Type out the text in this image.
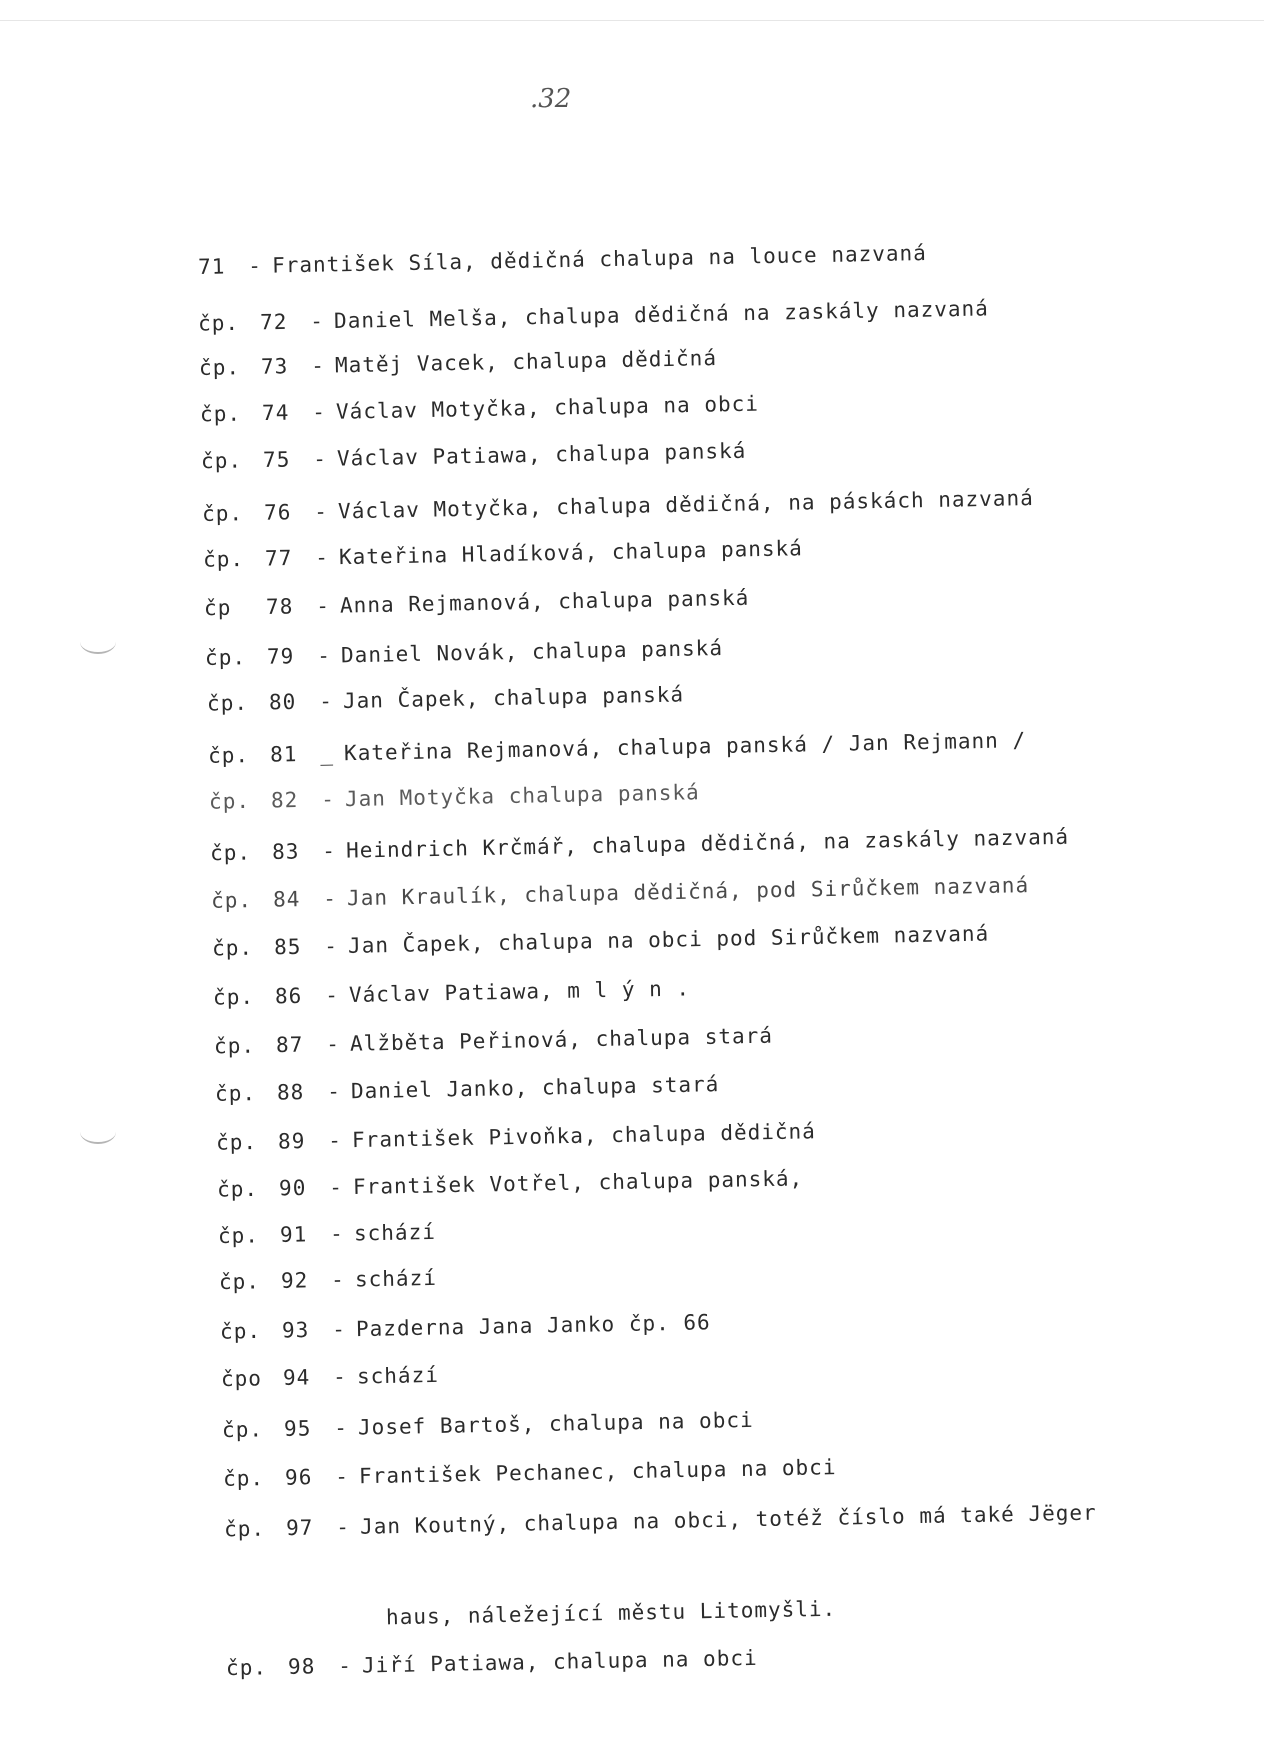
.32
71 - František Síla, dědičná chalupa na louce nazvaná
čp. 72 - Daniel Melša, chalupa dědičná na zaskály nazvaná
čp. 73 - Matěj Vacek, chalupa dědičná
čp. 74 - Václav Motyčka, chalupa na obci
čp. 75 - Václav Patiawa, chalupa panská
čp. 76 - Václav Motyčka, chalupa dědičná, na páskách nazvaná
čp. 77 - Kateřina Hladíková, chalupa panská
čp 78 - Anna Rejmanová, chalupa panská
čp. 79 - Daniel Novák, chalupa panská
čp. 80 - Jan Čapek, chalupa panská
čp. 81 _ Kateřina Rejmanová, chalupa panská / Jan Rejmann /
čp. 82 - Jan Motyčka chalupa panská
čp. 83 - Heindrich Krčmář, chalupa dědičná, na zaskály nazvaná
čp. 84 - Jan Kraulík, chalupa dědičná, pod Sirůčkem nazvaná
čp. 85 - Jan Čapek, chalupa na obci pod Sirůčkem nazvaná
čp. 86 - Václav Patiawa, m l ý n .
čp. 87 - Alžběta Peřinová, chalupa stará
čp. 88 - Daniel Janko, chalupa stará
čp. 89 - František Pivoňka, chalupa dědičná
čp. 90 - František Votřel, chalupa panská,
čp. 91 - schází
čp. 92 - schází
čp. 93 - Pazderna Jana Janko čp. 66
čpo 94 - schází
čp. 95 - Josef Bartoš, chalupa na obci
čp. 96 - František Pechanec, chalupa na obci
čp. 97 - Jan Koutný, chalupa na obci, totéž číslo má také Jëger
haus, náležející městu Litomyšli.
čp. 98 - Jiří Patiawa, chalupa na obci
